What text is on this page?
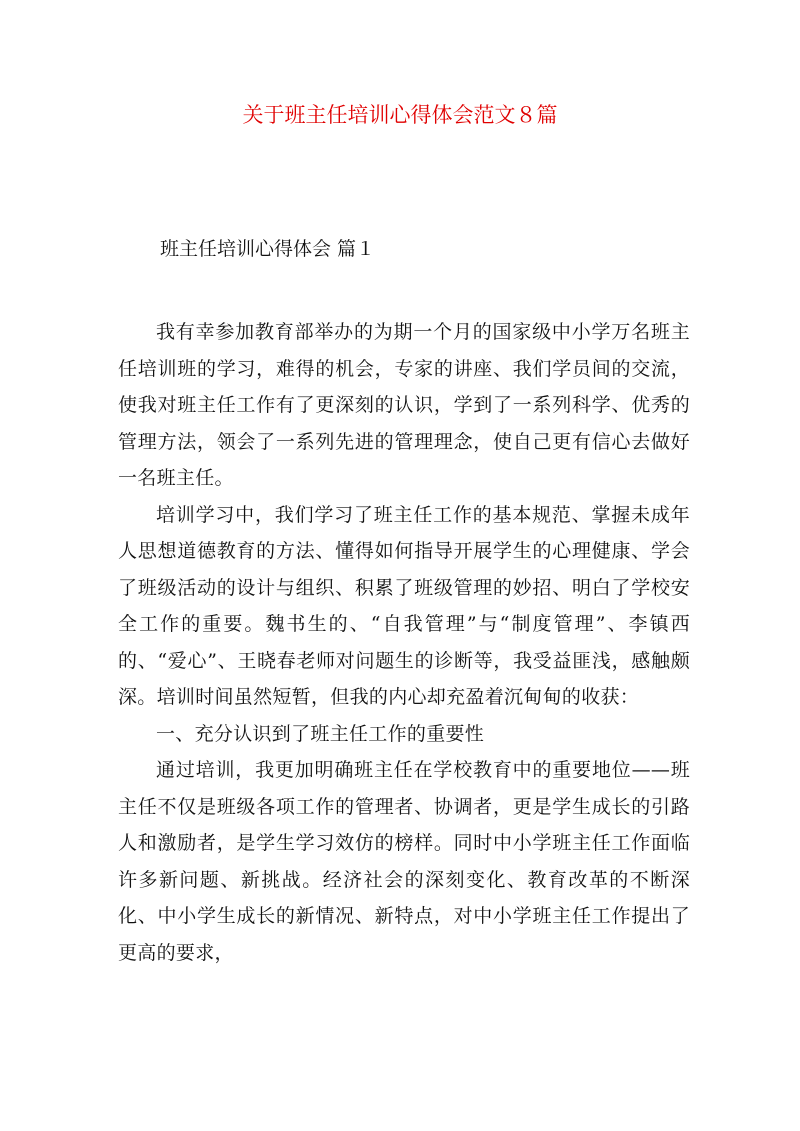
关于班主任培训心得体会范文８篇
班主任培训心得体会 篇１

我有幸参加教育部举办的为期一个月的国家级中小学万名班主任培训班的学习，难得的机会，专家的讲座、我们学员间的交流，使我对班主任工作有了更深刻的认识，学到了一系列科学、优秀的管理方法，领会了一系列先进的管理理念，使自己更有信心去做好一名班主任。

培训学习中，我们学习了班主任工作的基本规范、掌握未成年人思想道德教育的方法、懂得如何指导开展学生的心理健康、学会了班级活动的设计与组织、积累了班级管理的妙招、明白了学校安全工作的重要。魏书生的、“自我管理”与“制度管理”、李镇西的、“爱心”、王晓春老师对问题生的诊断等，我受益匪浅，感触颇深。培训时间虽然短暂，但我的内心却充盈着沉甸甸的收获：

一、充分认识到了班主任工作的重要性

通过培训，我更加明确班主任在学校教育中的重要地位——班主任不仅是班级各项工作的管理者、协调者，更是学生成长的引路人和激励者，是学生学习效仿的榜样。同时中小学班主任工作面临许多新问题、新挑战。经济社会的深刻变化、教育改革的不断深化、中小学生成长的新情况、新特点，对中小学班主任工作提出了更高的要求，
